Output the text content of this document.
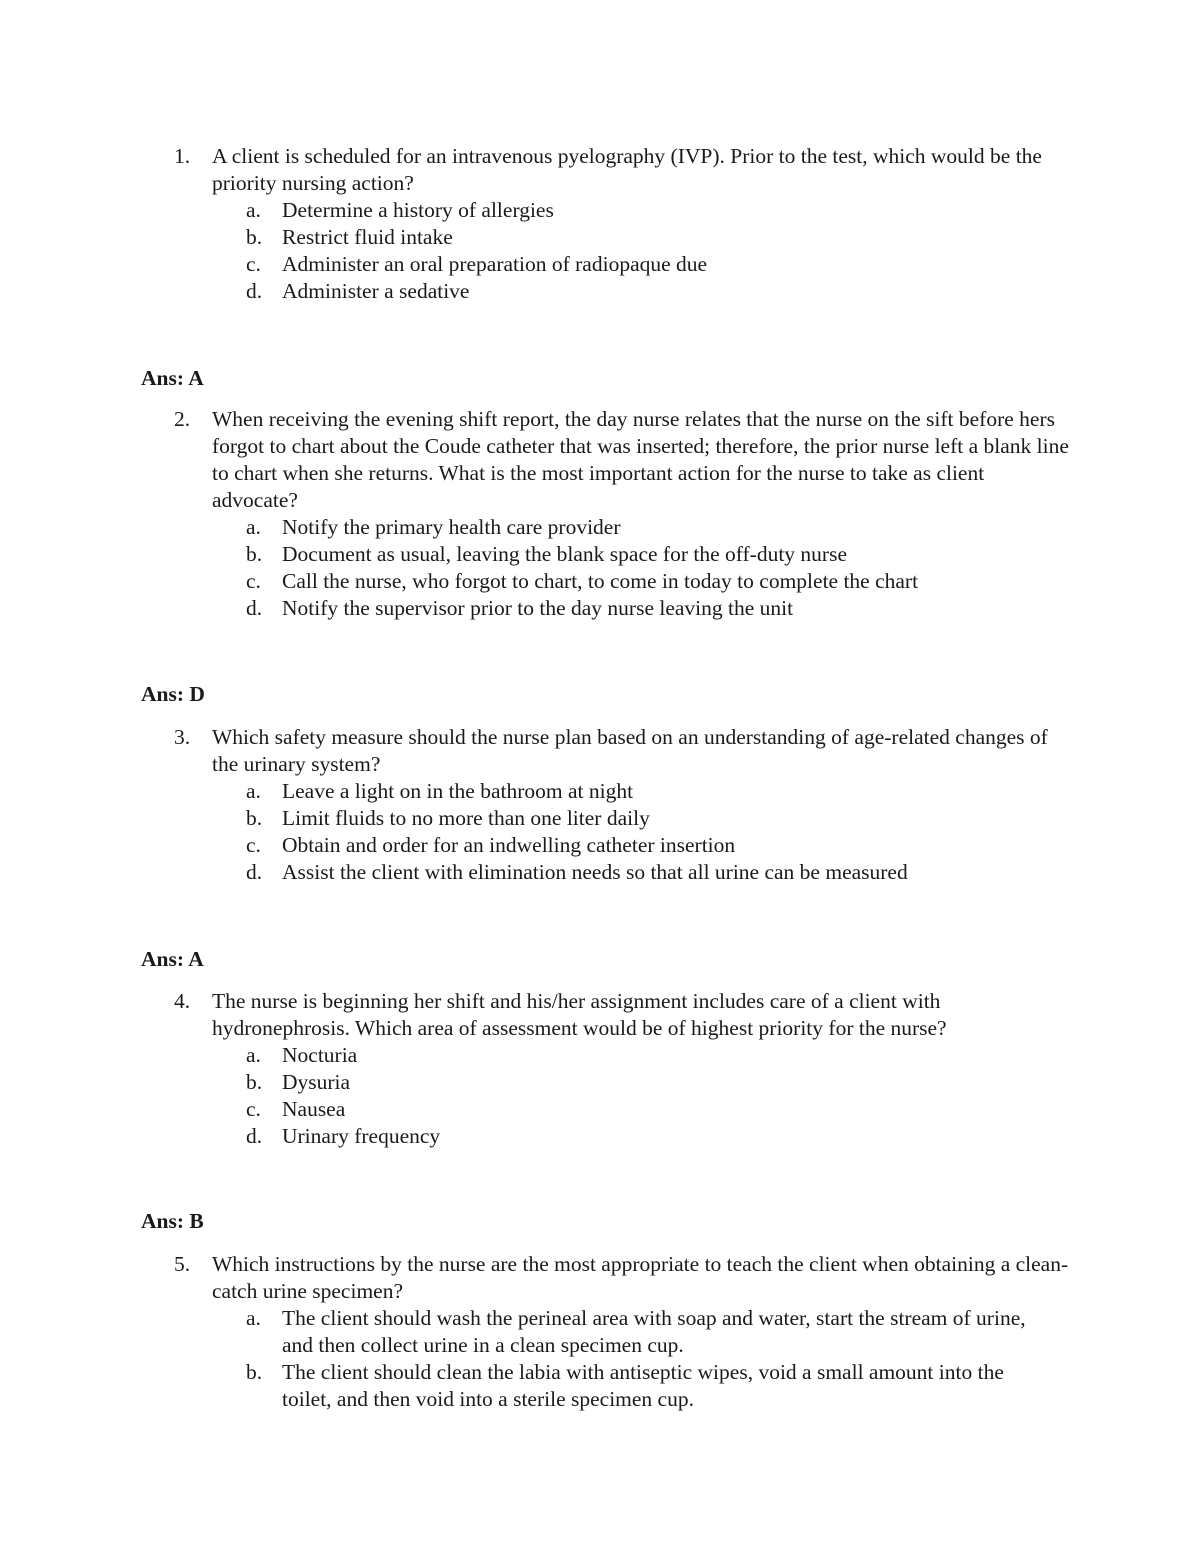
1. A client is scheduled for an intravenous pyelography (IVP). Prior to the test, which would be the priority nursing action?
a. Determine a history of allergies
b. Restrict fluid intake
c. Administer an oral preparation of radiopaque due
d. Administer a sedative
Ans: A
2. When receiving the evening shift report, the day nurse relates that the nurse on the sift before hers forgot to chart about the Coude catheter that was inserted; therefore, the prior nurse left a blank line to chart when she returns. What is the most important action for the nurse to take as client advocate?
a. Notify the primary health care provider
b. Document as usual, leaving the blank space for the off-duty nurse
c. Call the nurse, who forgot to chart, to come in today to complete the chart
d. Notify the supervisor prior to the day nurse leaving the unit
Ans: D
3. Which safety measure should the nurse plan based on an understanding of age-related changes of the urinary system?
a. Leave a light on in the bathroom at night
b. Limit fluids to no more than one liter daily
c. Obtain and order for an indwelling catheter insertion
d. Assist the client with elimination needs so that all urine can be measured
Ans: A
4. The nurse is beginning her shift and his/her assignment includes care of a client with hydronephrosis. Which area of assessment would be of highest priority for the nurse?
a. Nocturia
b. Dysuria
c. Nausea
d. Urinary frequency
Ans: B
5. Which instructions by the nurse are the most appropriate to teach the client when obtaining a clean-catch urine specimen?
a. The client should wash the perineal area with soap and water, start the stream of urine, and then collect urine in a clean specimen cup.
b. The client should clean the labia with antiseptic wipes, void a small amount into the toilet, and then void into a sterile specimen cup.
